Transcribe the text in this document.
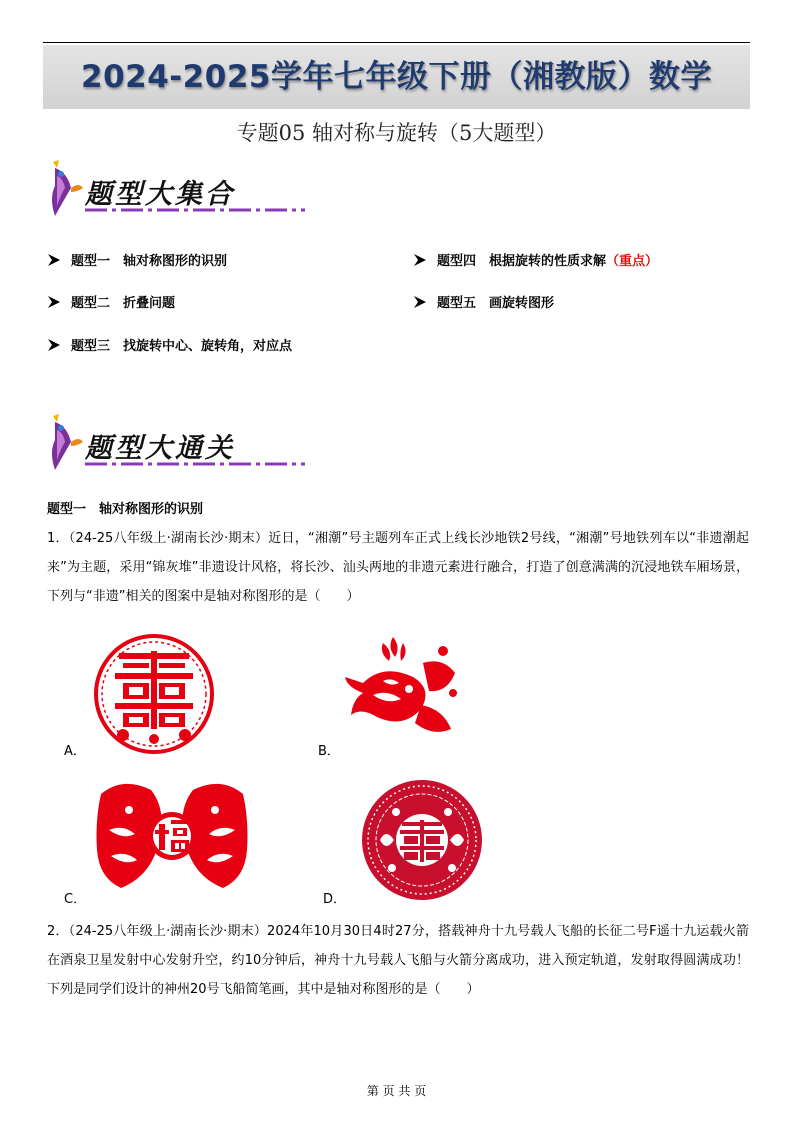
2024-2025学年七年级下册（湘教版）数学
专题05 轴对称与旋转（5大题型）
题型大集合
题型一　轴对称图形的识别
题型二　折叠问题
题型三　找旋转中心、旋转角，对应点
题型四　根据旋转的性质求解（重点）
题型五　画旋转图形
题型大通关
题型一　轴对称图形的识别
1．（24-25八年级上·湖南长沙·期末）近日，“湘潮”号主题列车正式上线长沙地铁2号线，“湘潮”号地铁列车以“非遗潮起来”为主题，采用“锦灰堆”非遗设计风格，将长沙、汕头两地的非遗元素进行融合，打造了创意满满的沉浸地铁车厢场景，下列与“非遗”相关的图案中是轴对称图形的是（　　）
A．	B．
C．	D．
2．（24-25八年级上·湖南长沙·期末）2024年10月30日4时27分，搭载神舟十九号载人飞船的长征二号F遥十九运载火箭在酒泉卫星发射中心发射升空，约10分钟后，神舟十九号载人飞船与火箭分离成功，进入预定轨道，发射取得圆满成功！下列是同学们设计的神州20号飞船简笔画，其中是轴对称图形的是（　　）
第 页 共 页
